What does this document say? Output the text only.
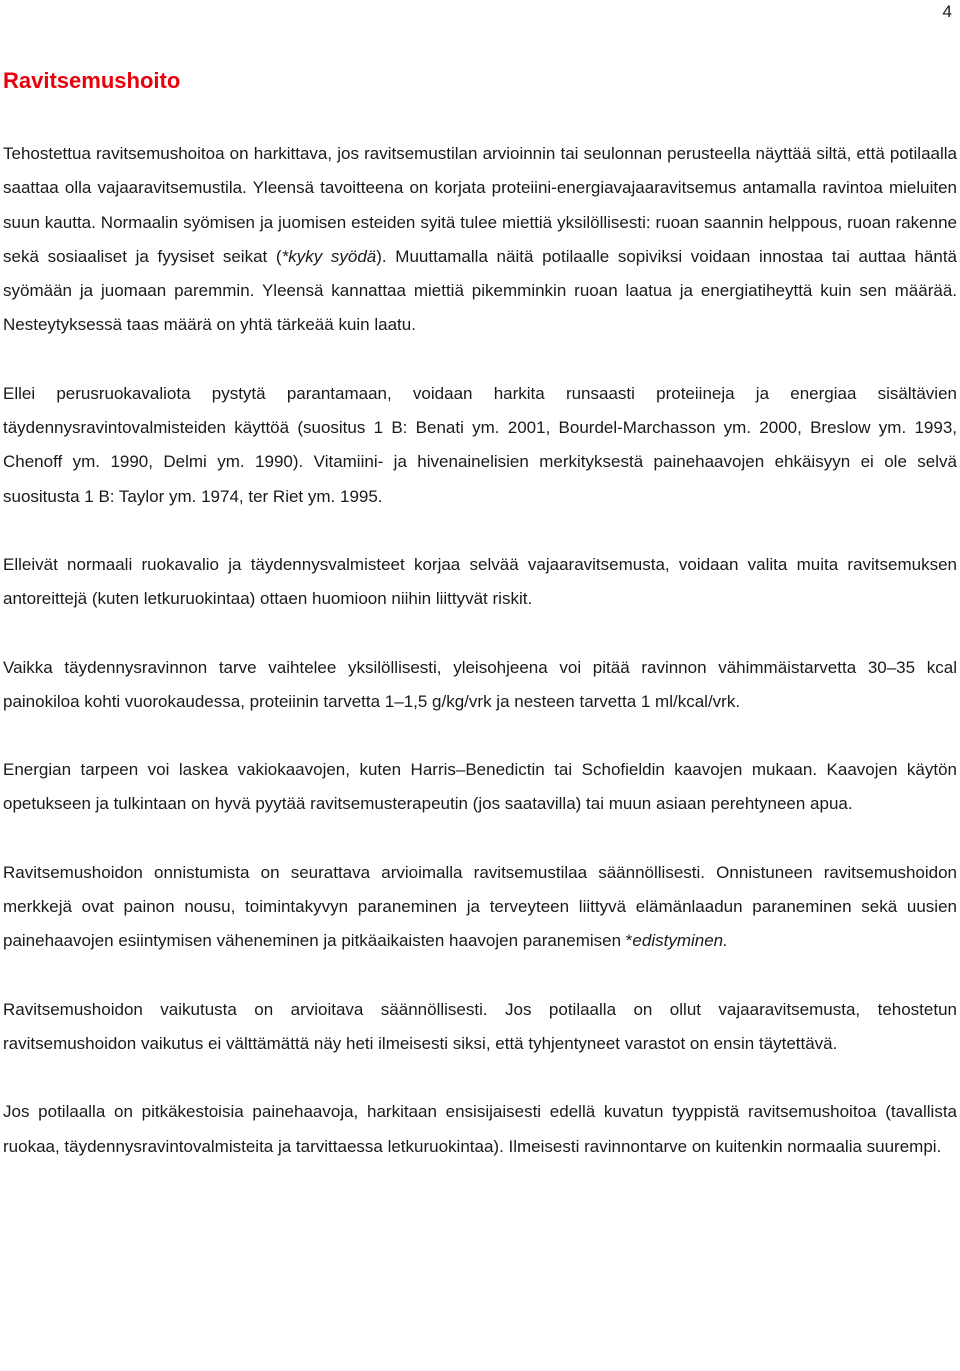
4
Ravitsemushoito

Tehostettua ravitsemushoitoa on harkittava, jos ravitsemustilan arvioinnin tai seulonnan perusteella näyttää siltä, että potilaalla saattaa olla vajaaravitsemustila. Yleensä tavoitteena on korjata proteiini-energiavajaaravitsemus antamalla ravintoa mieluiten suun kautta. Normaalin syömisen ja juomisen esteiden syitä tulee miettiä yksilöllisesti: ruoan saannin helppous, ruoan rakenne sekä sosiaaliset ja fyysiset seikat (*kyky syödä). Muuttamalla näitä potilaalle sopiviksi voidaan innostaa tai auttaa häntä syömään ja juomaan paremmin. Yleensä kannattaa miettiä pikemminkin ruoan laatua ja energiatiheyttä kuin sen määrää. Nesteytyksessä taas määrä on yhtä tärkeää kuin laatu.

Ellei perusruokavaliota pystytä parantamaan, voidaan harkita runsaasti proteiineja ja energiaa sisältävien täydennysravintovalmisteiden käyttöä (suositus 1 B: Benati ym. 2001, Bourdel-Marchasson ym. 2000, Breslow ym. 1993, Chenoff ym. 1990, Delmi ym. 1990). Vitamiini- ja hivenainelisien merkityksestä painehaavojen ehkäisyyn ei ole selvä suositusta 1 B: Taylor ym. 1974, ter Riet ym. 1995.

Elleivät normaali ruokavalio ja täydennysvalmisteet korjaa selvää vajaaravitsemusta, voidaan valita muita ravitsemuksen antoreittejä (kuten letkuruokintaa) ottaen huomioon niihin liittyvät riskit.

Vaikka täydennysravinnon tarve vaihtelee yksilöllisesti, yleisohjeena voi pitää ravinnon vähimmäistarvetta 30–35 kcal painokiloa kohti vuorokaudessa, proteiinin tarvetta 1–1,5 g/kg/vrk ja nesteen tarvetta 1 ml/kcal/vrk.

Energian tarpeen voi laskea vakiokaavojen, kuten Harris–Benedictin tai Schofieldin kaavojen mukaan. Kaavojen käytön opetukseen ja tulkintaan on hyvä pyytää ravitsemusterapeutin (jos saatavilla) tai muun asiaan perehtyneen apua.

Ravitsemushoidon onnistumista on seurattava arvioimalla ravitsemustilaa säännöllisesti. Onnistuneen ravitsemushoidon merkkejä ovat painon nousu, toimintakyvyn paraneminen ja terveyteen liittyvä elämänlaadun paraneminen sekä uusien painehaavojen esiintymisen väheneminen ja pitkäaikaisten haavojen paranemisen *edistyminen.

Ravitsemushoidon vaikutusta on arvioitava säännöllisesti. Jos potilaalla on ollut vajaaravitsemusta, tehostetun ravitsemushoidon vaikutus ei välttämättä näy heti ilmeisesti siksi, että tyhjentyneet varastot on ensin täytettävä.

Jos potilaalla on pitkäkestoisia painehaavoja, harkitaan ensisijaisesti edellä kuvatun tyyppistä ravitsemushoitoa (tavallista ruokaa, täydennysravintovalmisteita ja tarvittaessa letkuruokintaa). Ilmeisesti ravinnontarve on kuitenkin normaalia suurempi.
